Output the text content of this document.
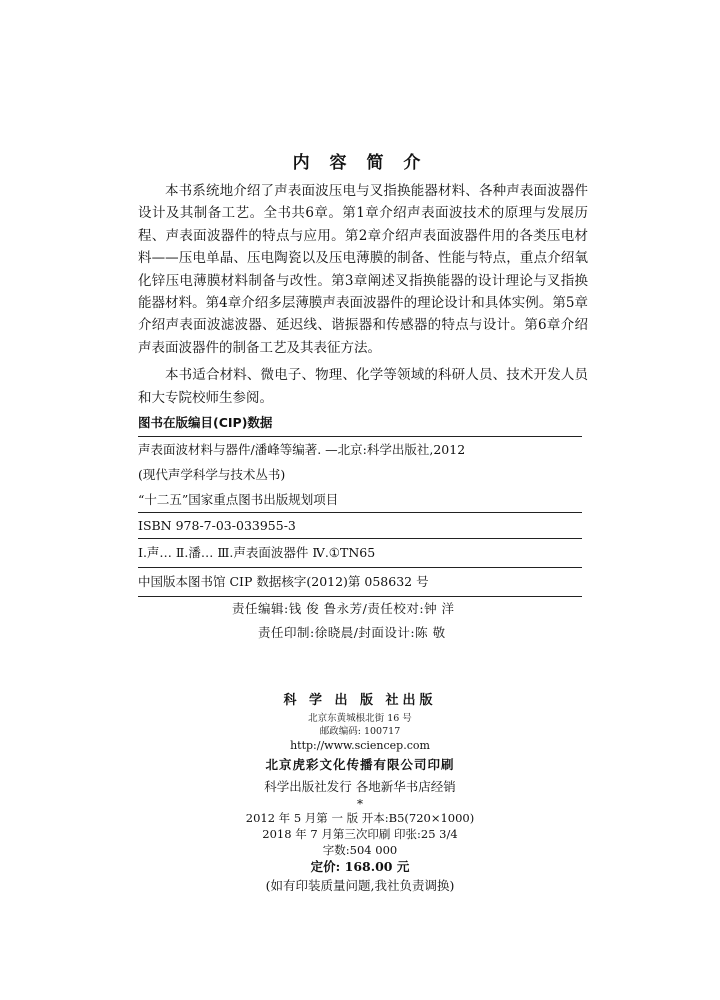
内 容 简 介

本书系统地介绍了声表面波压电与叉指换能器材料、各种声表面波器件设计及其制备工艺。全书共6章。第1章介绍声表面波技术的原理与发展历程、声表面波器件的特点与应用。第2章介绍声表面波器件用的各类压电材料——压电单晶、压电陶瓷以及压电薄膜的制备、性能与特点，重点介绍氧化锌压电薄膜材料制备与改性。第3章阐述叉指换能器的设计理论与叉指换能器材料。第4章介绍多层薄膜声表面波器件的理论设计和具体实例。第5章介绍声表面波滤波器、延迟线、谐振器和传感器的特点与设计。第6章介绍声表面波器件的制备工艺及其表征方法。

本书适合材料、微电子、物理、化学等领域的科研人员、技术开发人员和大专院校师生参阅。

图书在版编目(CIP)数据
声表面波材料与器件/潘峰等编著. —北京:科学出版社,2012
(现代声学科学与技术丛书)
“十二五”国家重点图书出版规划项目
ISBN 978-7-03-033955-3
Ⅰ.声… Ⅱ.潘… Ⅲ.声表面波器件 Ⅳ.①TN65
中国版本图书馆 CIP 数据核字(2012)第 058632 号
责任编辑:钱 俊 鲁永芳/责任校对:钟 洋
责任印制:徐晓晨/封面设计:陈 敬
科 学 出 版 社出版
北京东黄城根北街 16 号
邮政编码: 100717
http://www.sciencep.com
北京虎彩文化传播有限公司印刷
科学出版社发行 各地新华书店经销
*
2012 年 5 月第 一 版 开本:B5(720×1000)
2018 年 7 月第三次印刷 印张:25 3/4
字数:504 000
定价: 168.00 元
(如有印装质量问题,我社负责调换)
